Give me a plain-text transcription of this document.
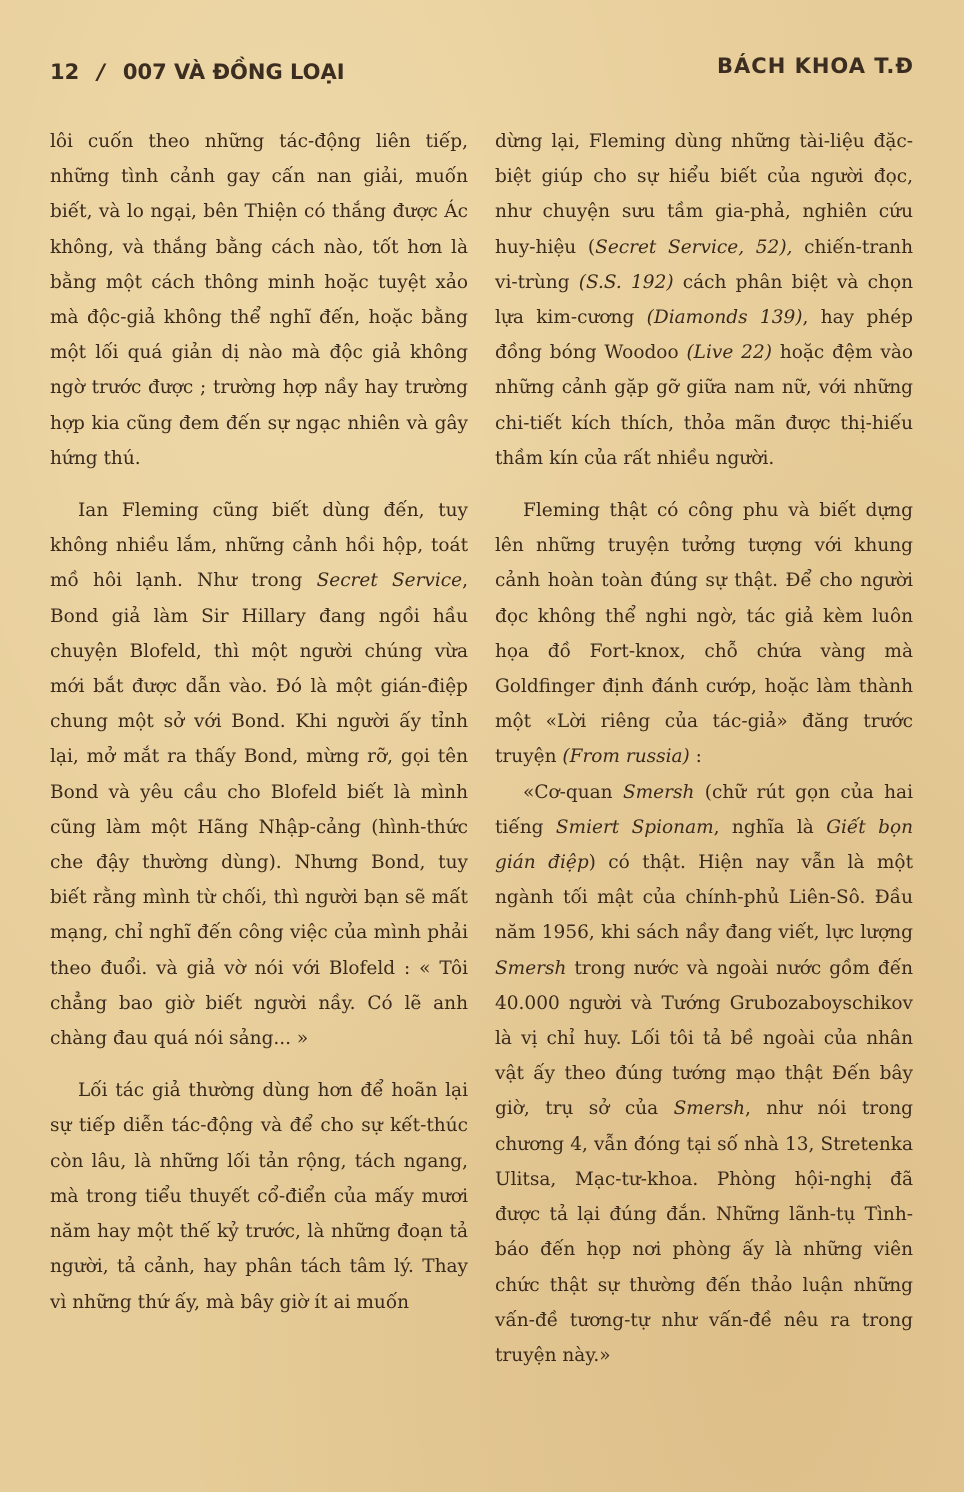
12 / 007 VÀ ĐỒNG LOẠI	BÁCH KHOA T.Đ

lôi cuốn theo những tác-động liên tiếp, những tình cảnh gay cấn nan giải, muốn biết, và lo ngại, bên Thiện có thắng được Ác không, và thắng bằng cách nào, tốt hơn là bằng một cách thông minh hoặc tuyệt xảo mà độc-giả không thể nghĩ đến, hoặc bằng một lối quá giản dị nào mà độc giả không ngờ trước được ; trường hợp nầy hay trường hợp kia cũng đem đến sự ngạc nhiên và gây hứng thú.

Ian Fleming cũng biết dùng đến, tuy không nhiều lắm, những cảnh hồi hộp, toát mồ hôi lạnh. Như trong Secret Service, Bond giả làm Sir Hillary đang ngồi hầu chuyện Blofeld, thì một người chúng vừa mới bắt được dẫn vào. Đó là một gián-điệp chung một sở với Bond. Khi người ấy tỉnh lại, mở mắt ra thấy Bond, mừng rỡ, gọi tên Bond và yêu cầu cho Blofeld biết là mình cũng làm một Hãng Nhập-cảng (hình-thức che đậy thường dùng). Nhưng Bond, tuy biết rằng mình từ chối, thì người bạn sẽ mất mạng, chỉ nghĩ đến công việc của mình phải theo đuổi. và giả vờ nói với Blofeld : « Tôi chẳng bao giờ biết người nầy. Có lẽ anh chàng đau quá nói sảng... »

Lối tác giả thường dùng hơn để hoãn lại sự tiếp diễn tác-động và để cho sự kết-thúc còn lâu, là những lối tản rộng, tách ngang, mà trong tiểu thuyết cổ-điển của mấy mươi năm hay một thế kỷ trước, là những đoạn tả người, tả cảnh, hay phân tách tâm lý. Thay vì những thứ ấy, mà bây giờ ít ai muốn

dừng lại, Fleming dùng những tài-liệu đặc-biệt giúp cho sự hiểu biết của người đọc, như chuyện sưu tầm gia-phả, nghiên cứu huy-hiệu (Secret Service, 52), chiến-tranh vi-trùng (S.S. 192) cách phân biệt và chọn lựa kim-cương (Diamonds 139), hay phép đồng bóng Woodoo (Live 22) hoặc đệm vào những cảnh gặp gỡ giữa nam nữ, với những chi-tiết kích thích, thỏa mãn được thị-hiếu thầm kín của rất nhiều người.

Fleming thật có công phu và biết dựng lên những truyện tưởng tượng với khung cảnh hoàn toàn đúng sự thật. Để cho người đọc không thể nghi ngờ, tác giả kèm luôn họa đồ Fort-knox, chỗ chứa vàng mà Goldfinger định đánh cướp, hoặc làm thành một «Lời riêng của tác-giả» đăng trước truyện (From russia) :

«Cơ-quan Smersh (chữ rút gọn của hai tiếng Smiert Spionam, nghĩa là Giết bọn gián điệp) có thật. Hiện nay vẫn là một ngành tối mật của chính-phủ Liên-Sô. Đầu năm 1956, khi sách nầy đang viết, lực lượng Smersh trong nước và ngoài nước gồm đến 40.000 người và Tướng Grubozaboyschikov là vị chỉ huy. Lối tôi tả bề ngoài của nhân vật ấy theo đúng tướng mạo thật Đến bây giờ, trụ sở của Smersh, như nói trong chương 4, vẫn đóng tại số nhà 13, Stretenka Ulitsa, Mạc-tư-khoa. Phòng hội-nghị đã được tả lại đúng đắn. Những lãnh-tụ Tình-báo đến họp nơi phòng ấy là những viên chức thật sự thường đến thảo luận những vấn-đề tương-tự như vấn-đề nêu ra trong truyện này.»
